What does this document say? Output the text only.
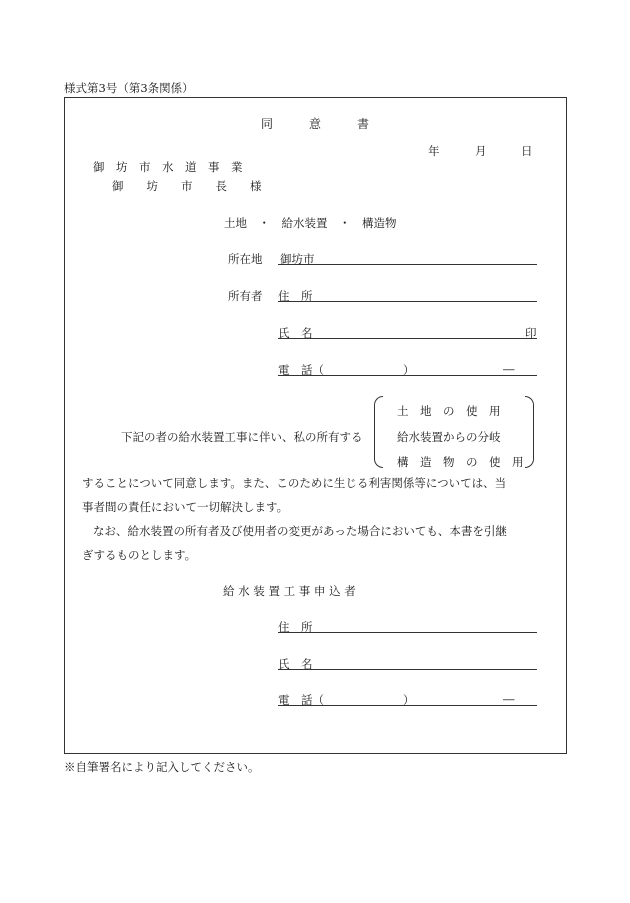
様式第3号（第3条関係）
同　　　意　　　書
年	月	日
御　坊　市　水　道　事　業
御　　坊　　市　　長　　様
土地　・　給水装置　・　構造物
所在地 御坊市
所有者 住　所
氏　名	印
電　話（	）	―
下記の者の給水装置工事に伴い、私の所有する
土　地　の　使　用
給水装置からの分岐
構　造　物　の　使　用
することについて同意します。また、このために生じる利害関係等については、当
事者間の責任において一切解決します。
なお、給水装置の所有者及び使用者の変更があった場合においても、本書を引継
ぎするものとします。
給 水 装 置 工 事 申 込 者
住　所
氏　名
電　話（	）	―
※自筆署名により記入してください。
